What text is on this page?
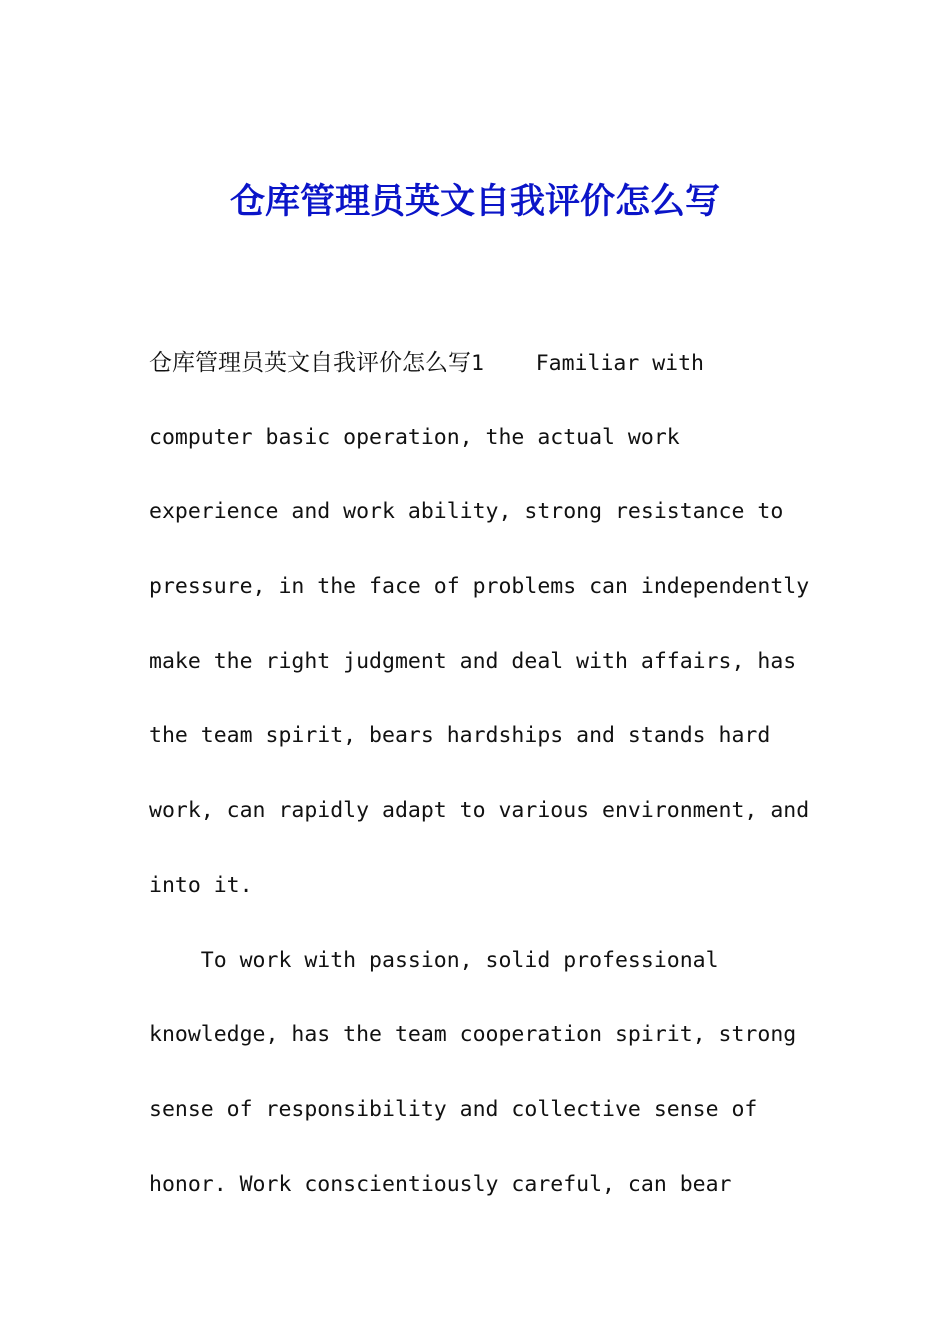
仓库管理员英文自我评价怎么写
仓库管理员英文自我评价怎么写1    Familiar with
computer basic operation, the actual work
experience and work ability, strong resistance to
pressure, in the face of problems can independently
make the right judgment and deal with affairs, has
the team spirit, bears hardships and stands hard
work, can rapidly adapt to various environment, and
into it.
To work with passion, solid professional
knowledge, has the team cooperation spirit, strong
sense of responsibility and collective sense of
honor. Work conscientiously careful, can bear
